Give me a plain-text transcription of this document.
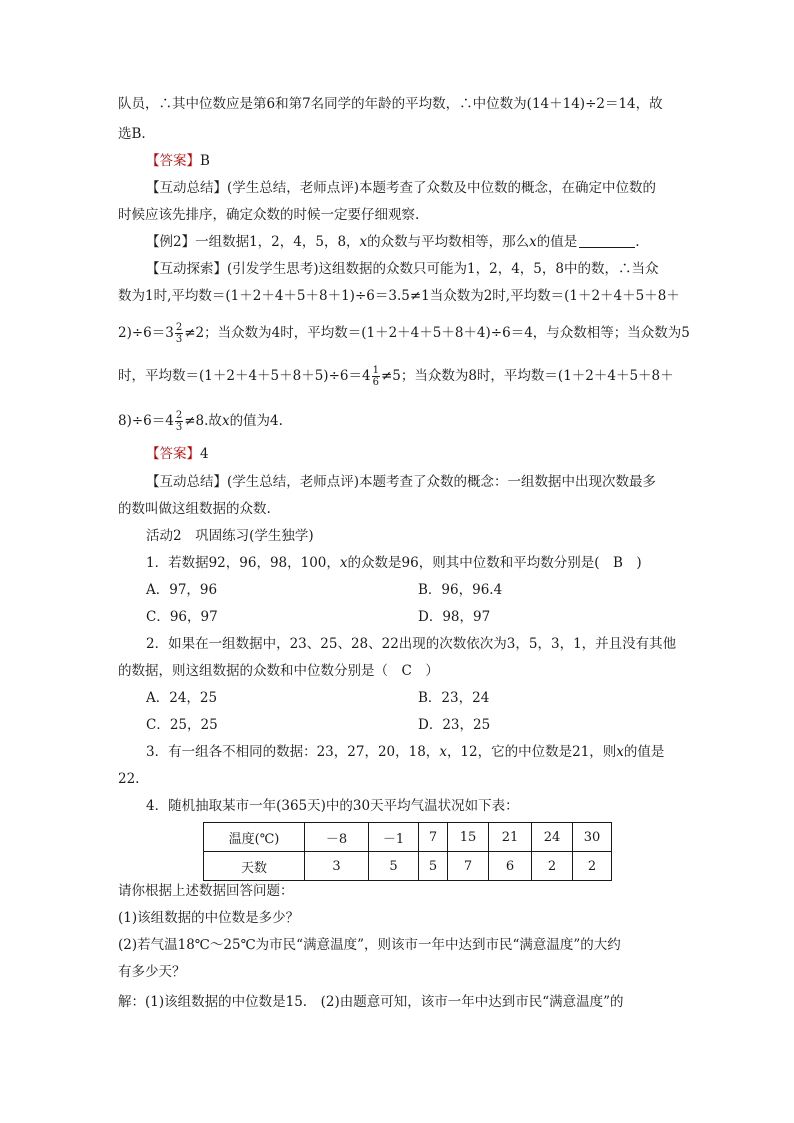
队员，∴其中位数应是第6和第7名同学的年龄的平均数，∴中位数为(14＋14)÷2＝14，故
选B.
【答案】B
【互动总结】(学生总结，老师点评)本题考查了众数及中位数的概念，在确定中位数的
时候应该先排序，确定众数的时候一定要仔细观察.
【例2】一组数据1，2，4，5，8，x的众数与平均数相等，那么x的值是	.
【互动探索】(引发学生思考)这组数据的众数只可能为1，2，4，5，8中的数，∴当众
数为1时,平均数＝(1＋2＋4＋5＋8＋1)÷6＝3.5≠1当众数为2时,平均数＝(1＋2＋4＋5＋8＋
$2)\div 6=3 \frac{2}{3} \ne 2$；当众数为4时，平均数＝(1＋2＋4＋5＋8＋4)÷6＝4，与众数相等；当众数为5
时，平均数$=(1+2+4+5+8+5)\div 6=4 \frac{1}{6} \ne 5$；当众数为8时，平均数＝(1＋2＋4＋5＋8＋
$8)\div 6=4 \frac{2}{3} \ne 8$.故x的值为4.
【答案】4
【互动总结】(学生总结，老师点评)本题考查了众数的概念：一组数据中出现次数最多
的数叫做这组数据的众数.
活动2　巩固练习(学生独学)
1．若数据92，96，98，100，x的众数是96，则其中位数和平均数分别是(　B　)
A．97，96	B．96，96.4
C．96，97	D．98，97
2．如果在一组数据中，23、25、28、22出现的次数依次为3，5，3，1，并且没有其他
的数据，则这组数据的众数和中位数分别是（　C　）
A．24，25	B．23，24
C．25，25	D．23，25
3．有一组各不相同的数据：23，27，20，18，x，12，它的中位数是21，则x的值是
22.
4．随机抽取某市一年(365天)中的30天平均气温状况如下表：
温度(℃)	－8	－1	7	15	21	24	30
天数	3	5	5	7	6	2	2
请你根据上述数据回答问题：
(1)该组数据的中位数是多少？
(2)若气温18℃～25℃为市民“满意温度”，则该市一年中达到市民“满意温度”的大约
有多少天？
解：(1)该组数据的中位数是15.　(2)由题意可知，该市一年中达到市民“满意温度”的
